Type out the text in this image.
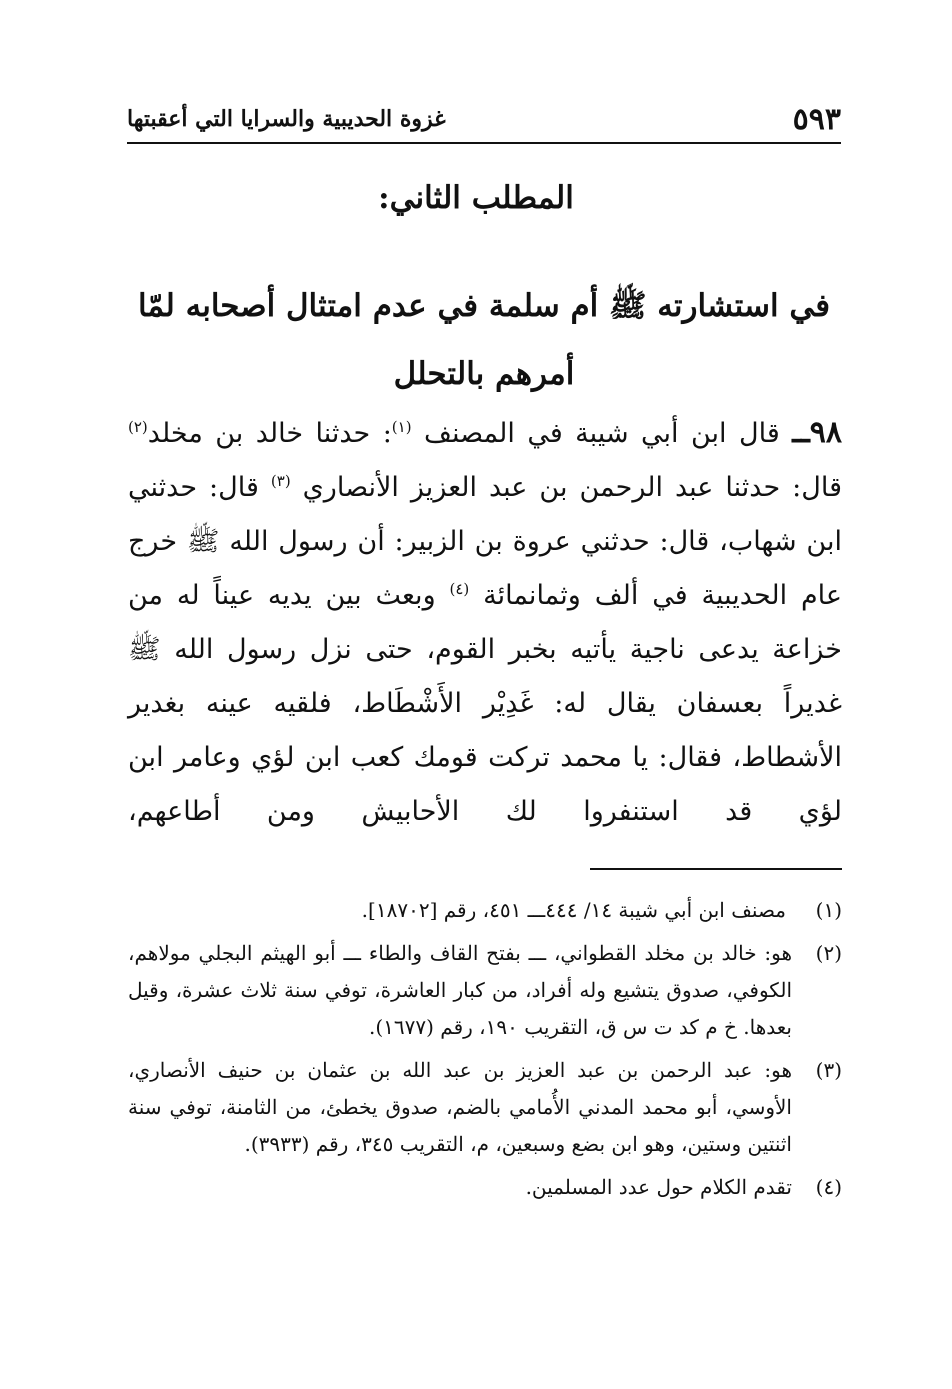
٥٩٣
غزوة الحديبية والسرايا التي أعقبتها
المطلب الثاني:
في استشارته ﷺ أم سلمة في عدم امتثال أصحابه لمّا أمرهم بالتحلل
٩٨ــ قال ابن أبي شيبة في المصنف $^{(١)}$: حدثنا خالد بن مخلد$^{(٢)}$ قال: حدثنا عبد الرحمن بن عبد العزيز الأنصاري $^{(٣)}$ قال: حدثني ابن شهاب، قال: حدثني عروة بن الزبير: أن رسول الله ﷺ خرج عام الحديبية في ألف وثمانمائة $^{(٤)}$ وبعث بين يديه عيناً له من خزاعة يدعى ناجية يأتيه بخبر القوم، حتى نزل رسول الله ﷺ غديراً بعسفان يقال له: غَدِيْر الأَشْطَاط، فلقيه عينه بغدير الأشطاط، فقال: يا محمد تركت قومك كعب ابن لؤي وعامر ابن لؤي قد استنفروا لك الأحابيش ومن أطاعهم،
(١)
مصنف ابن أبي شيبة ١٤/ ٤٤٤ـــ ٤٥١، رقم [١٨٧٠٢].
(٢)
هو: خالد بن مخلد القطواني، ـــ بفتح القاف والطاء ـــ أبو الهيثم البجلي مولاهم، الكوفي، صدوق يتشيع وله أفراد، من كبار العاشرة، توفي سنة ثلاث عشرة، وقيل بعدها. خ م كد ت س ق، التقريب ١٩٠، رقم (١٦٧٧).
(٣)
هو: عبد الرحمن بن عبد العزيز بن عبد الله بن عثمان بن حنيف الأنصاري، الأوسي، أبو محمد المدني الأُمامي بالضم، صدوق يخطئ، من الثامنة، توفي سنة اثنتين وستين، وهو ابن بضع وسبعين، م، التقريب ٣٤٥، رقم (٣٩٣٣).
(٤)
تقدم الكلام حول عدد المسلمين.
